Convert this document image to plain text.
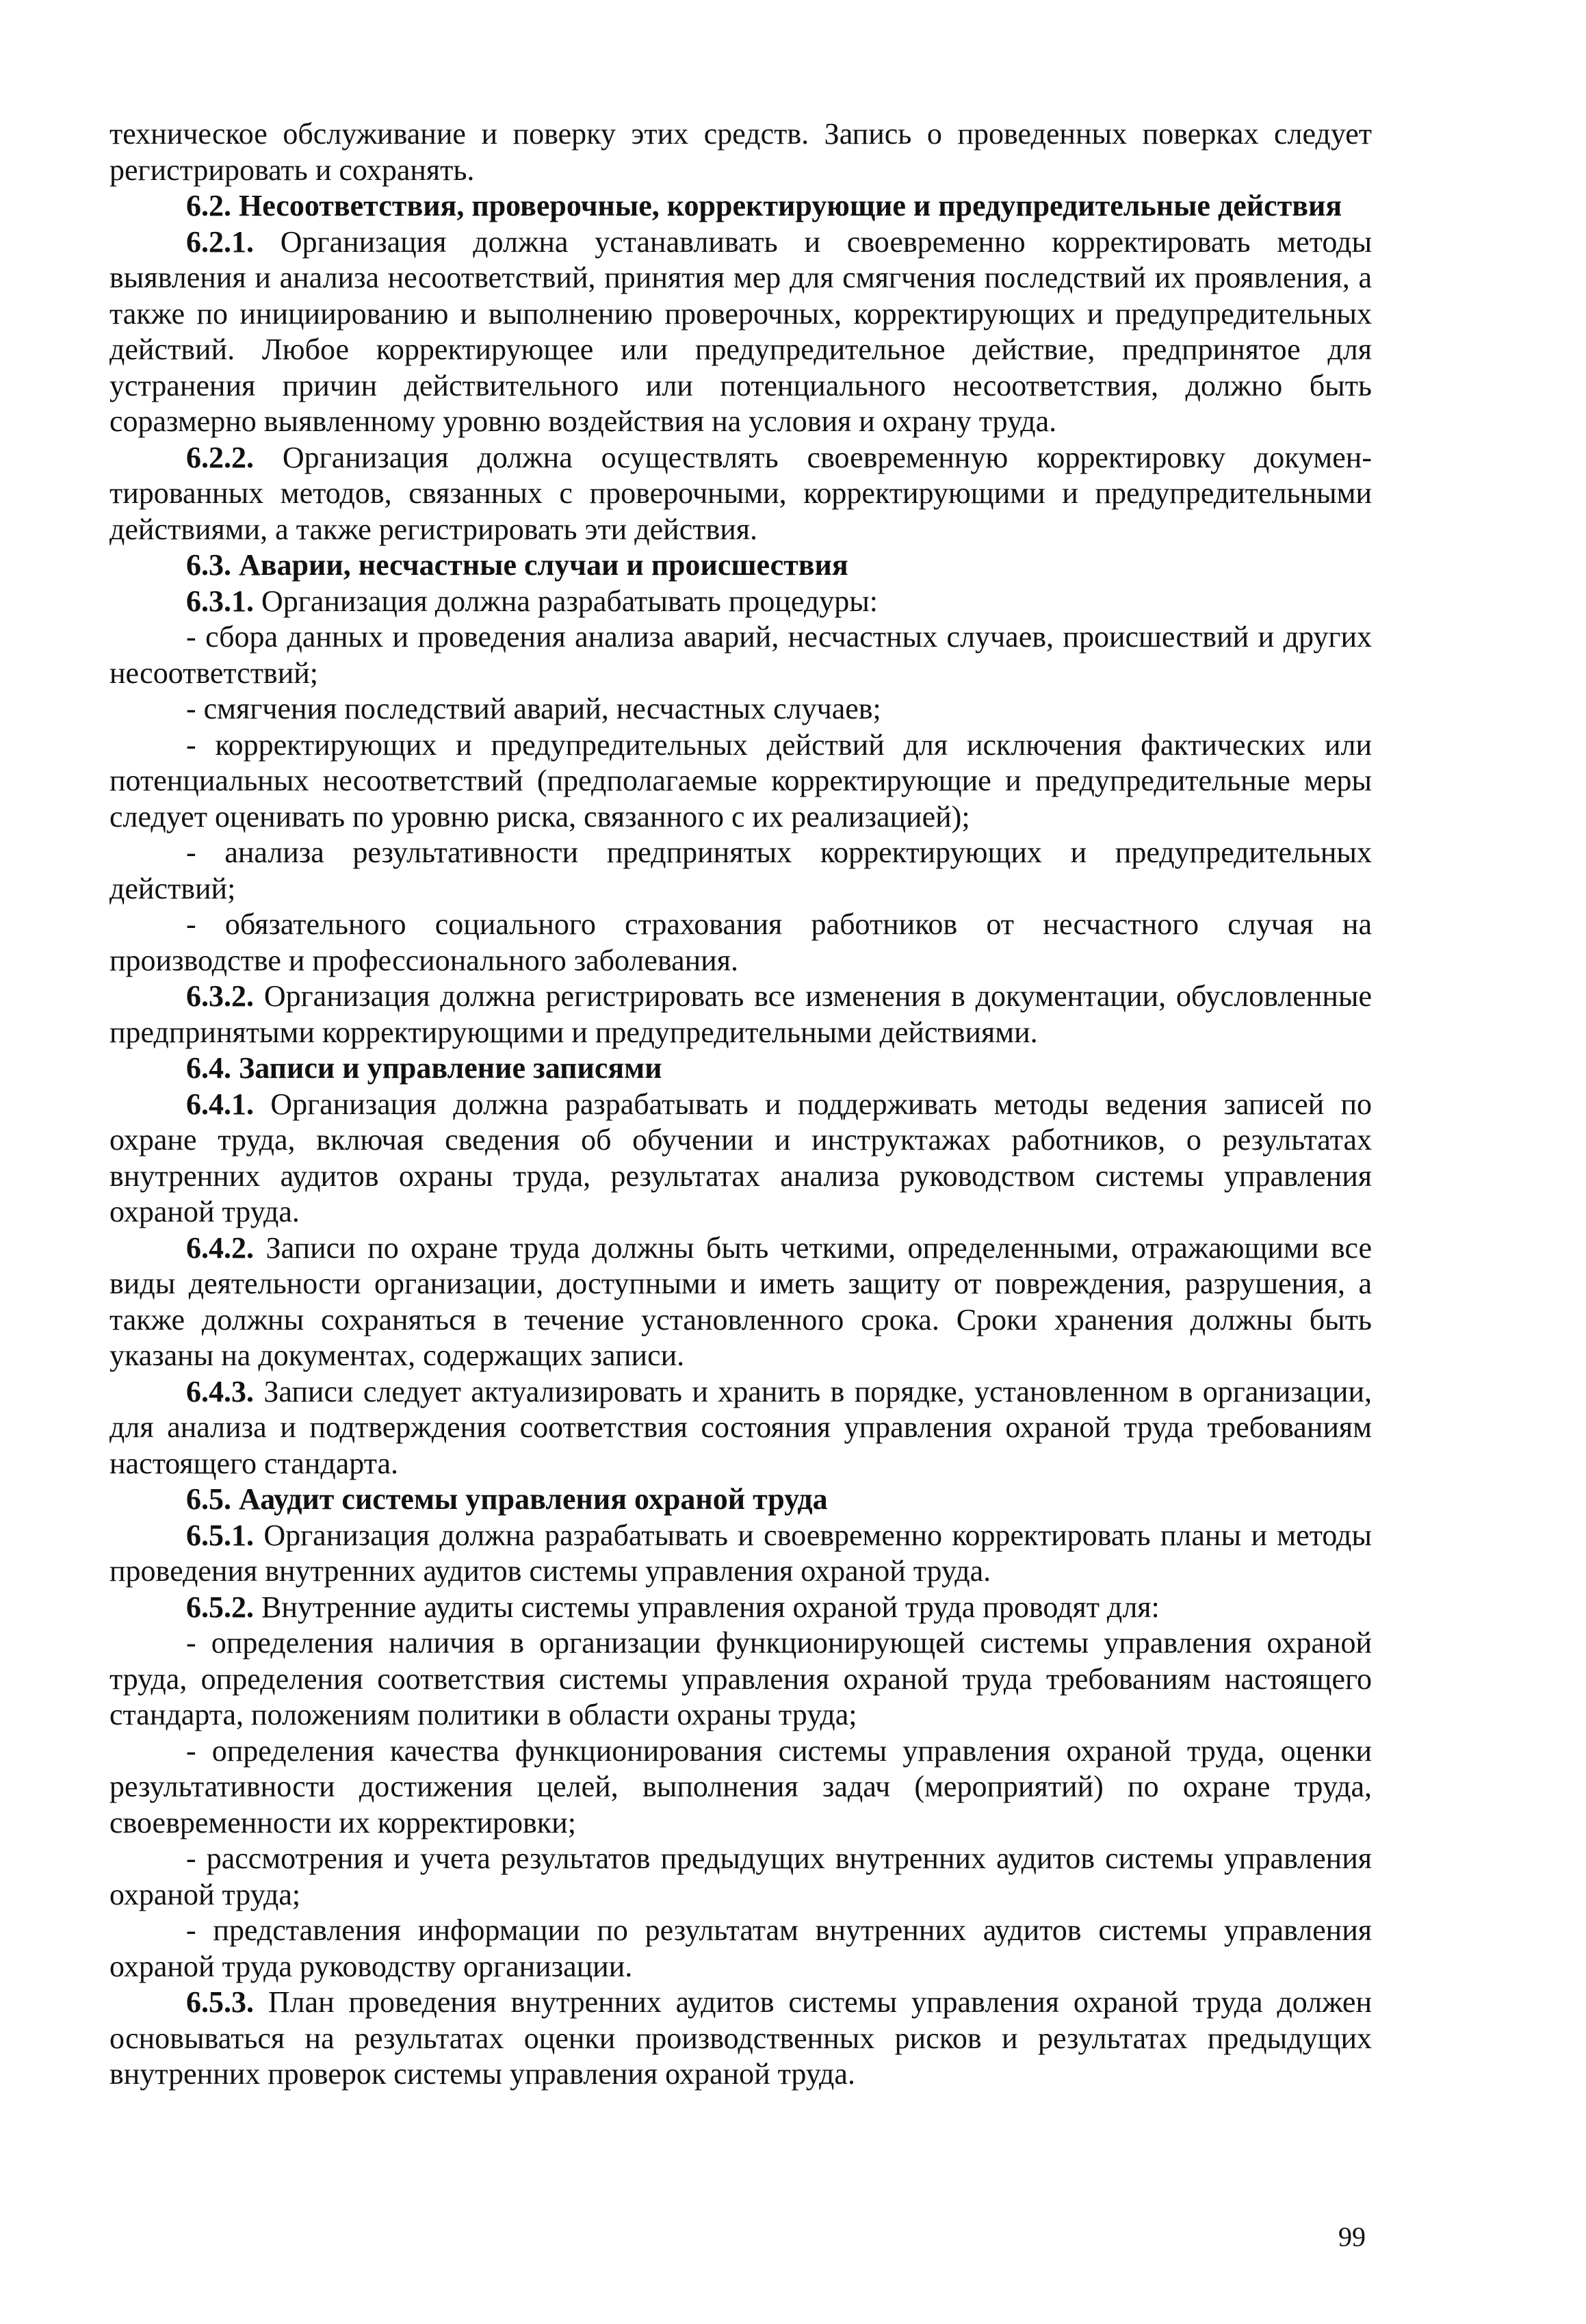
техническое обслуживание и поверку этих средств. Запись о проведенных поверках следует регистрировать и сохранять.

6.2. Несоответствия, проверочные, корректирующие и предупредительные действия

6.2.1. Организация должна устанавливать и своевременно корректировать методы выявления и анализа несоответствий, принятия мер для смягчения последствий их проявления, а также по инициированию и выполнению проверочных, корректирующих и предупредительных действий. Любое корректирующее или предупредительное действие, предпринятое для устранения причин действительного или потенциального несоответствия, должно быть соразмерно выявленному уровню воздействия на условия и охрану труда.

6.2.2. Организация должна осуществлять своевременную корректировку документированных методов, связанных с проверочными, корректирующими и предупредительными действиями, а также регистрировать эти действия.

6.3. Аварии, несчастные случаи и происшествия

6.3.1. Организация должна разрабатывать процедуры:

- сбора данных и проведения анализа аварий, несчастных случаев, происшествий и других несоответствий;

- смягчения последствий аварий, несчастных случаев;

- корректирующих и предупредительных действий для исключения фактических или потенциальных несоответствий (предполагаемые корректирующие и предупредительные меры следует оценивать по уровню риска, связанного с их реализацией);

- анализа результативности предпринятых корректирующих и предупредительных действий;

- обязательного социального страхования работников от несчастного случая на производстве и профессионального заболевания.

6.3.2. Организация должна регистрировать все изменения в документации, обусловленные предпринятыми корректирующими и предупредительными действиями.

6.4. Записи и управление записями

6.4.1. Организация должна разрабатывать и поддерживать методы ведения записей по охране труда, включая сведения об обучении и инструктажах работников, о результатах внутренних аудитов охраны труда, результатах анализа руководством системы управления охраной труда.

6.4.2. Записи по охране труда должны быть четкими, определенными, отражающими все виды деятельности организации, доступными и иметь защиту от повреждения, разрушения, а также должны сохраняться в течение установленного срока. Сроки хранения должны быть указаны на документах, содержащих записи.

6.4.3. Записи следует актуализировать и хранить в порядке, установленном в организации, для анализа и подтверждения соответствия состояния управления охраной труда требованиям настоящего стандарта.

6.5. Ааудит системы управления охраной труда

6.5.1. Организация должна разрабатывать и своевременно корректировать планы и методы проведения внутренних аудитов системы управления охраной труда.

6.5.2. Внутренние аудиты системы управления охраной труда проводят для:

- определения наличия в организации функционирующей системы управления охраной труда, определения соответствия системы управления охраной труда требованиям настоящего стандарта, положениям политики в области охраны труда;

- определения качества функционирования системы управления охраной труда, оценки результативности достижения целей, выполнения задач (мероприятий) по охране труда, своевременности их корректировки;

- рассмотрения и учета результатов предыдущих внутренних аудитов системы управления охраной труда;

- представления информации по результатам внутренних аудитов системы управления охраной труда руководству организации.

6.5.3. План проведения внутренних аудитов системы управления охраной труда должен основываться на результатах оценки производственных рисков и результатах предыдущих внутренних проверок системы управления охраной труда.

99
